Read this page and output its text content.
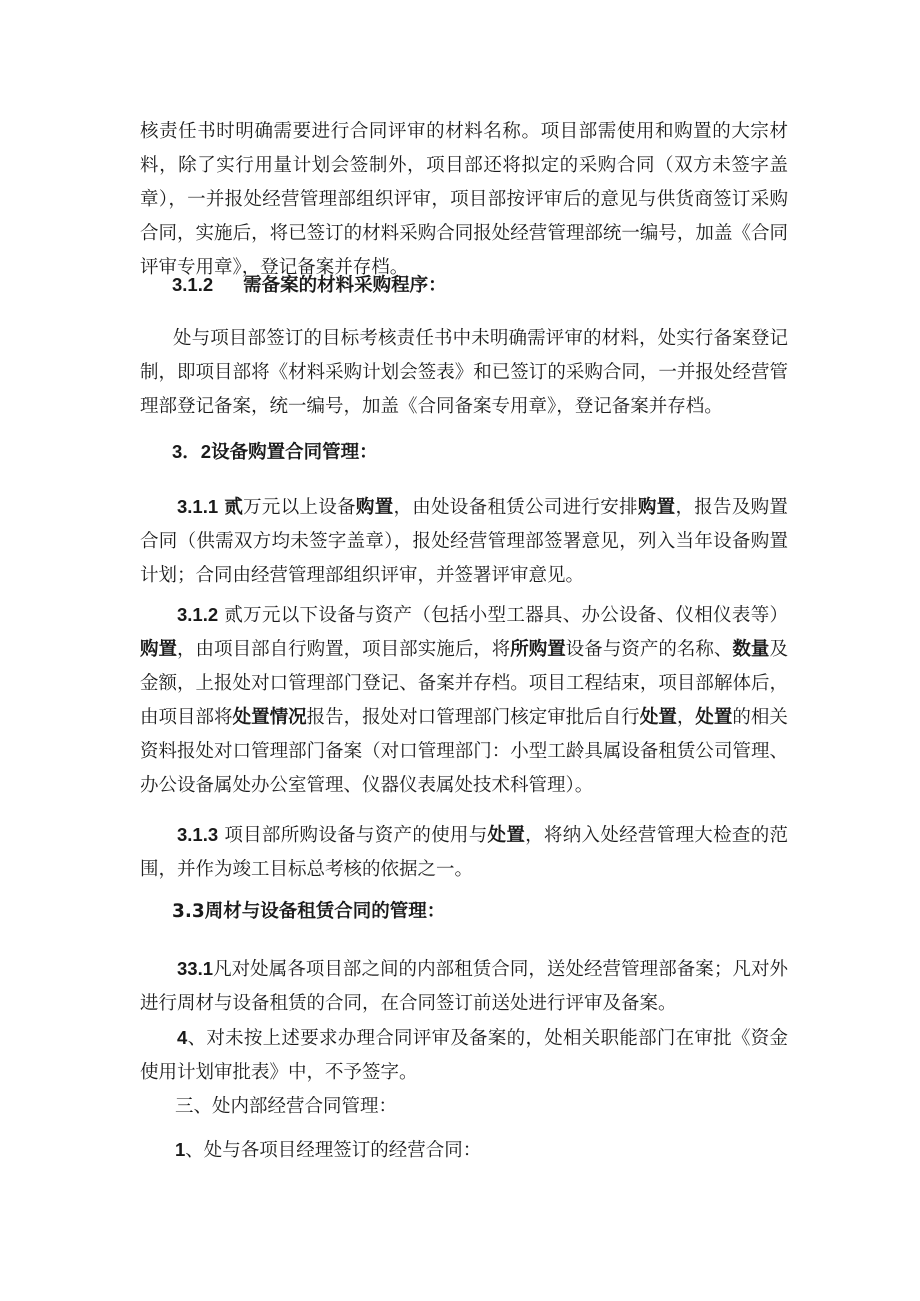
核责任书时明确需要进行合同评审的材料名称。项目部需使用和购置的大宗材料，除了实行用量计划会签制外，项目部还将拟定的采购合同（双方未签字盖章），一并报处经营管理部组织评审，项目部按评审后的意见与供货商签订采购合同，实施后，将已签订的材料采购合同报处经营管理部统一编号，加盖《合同评审专用章》，登记备案并存档。

3.1.2 需备案的材料采购程序：

处与项目部签订的目标考核责任书中未明确需评审的材料，处实行备案登记制，即项目部将《材料采购计划会签表》和已签订的采购合同，一并报处经营管理部登记备案，统一编号，加盖《合同备案专用章》，登记备案并存档。

3．2设备购置合同管理：

3.1.1 贰万元以上设备购置，由处设备租赁公司进行安排购置，报告及购置合同（供需双方均未签字盖章），报处经营管理部签署意见，列入当年设备购置计划；合同由经营管理部组织评审，并签署评审意见。

3.1.2 贰万元以下设备与资产（包括小型工器具、办公设备、仪相仪表等）购置，由项目部自行购置，项目部实施后，将所购置设备与资产的名称、数量及金额，上报处对口管理部门登记、备案并存档。项目工程结束，项目部解体后，由项目部将处置情况报告，报处对口管理部门核定审批后自行处置，处置的相关资料报处对口管理部门备案（对口管理部门：小型工龄具属设备租赁公司管理、办公设备属处办公室管理、仪器仪表属处技术科管理）。

3.1.3 项目部所购设备与资产的使用与处置，将纳入处经营管理大检查的范围，并作为竣工目标总考核的依据之一。

3.3周材与设备租赁合同的管理：

33.1凡对处属各项目部之间的内部租赁合同，送处经营管理部备案；凡对外进行周材与设备租赁的合同，在合同签订前送处进行评审及备案。

4、对未按上述要求办理合同评审及备案的，处相关职能部门在审批《资金使用计划审批表》中，不予签字。

三、处内部经营合同管理：
1、处与各项目经理签订的经营合同：
